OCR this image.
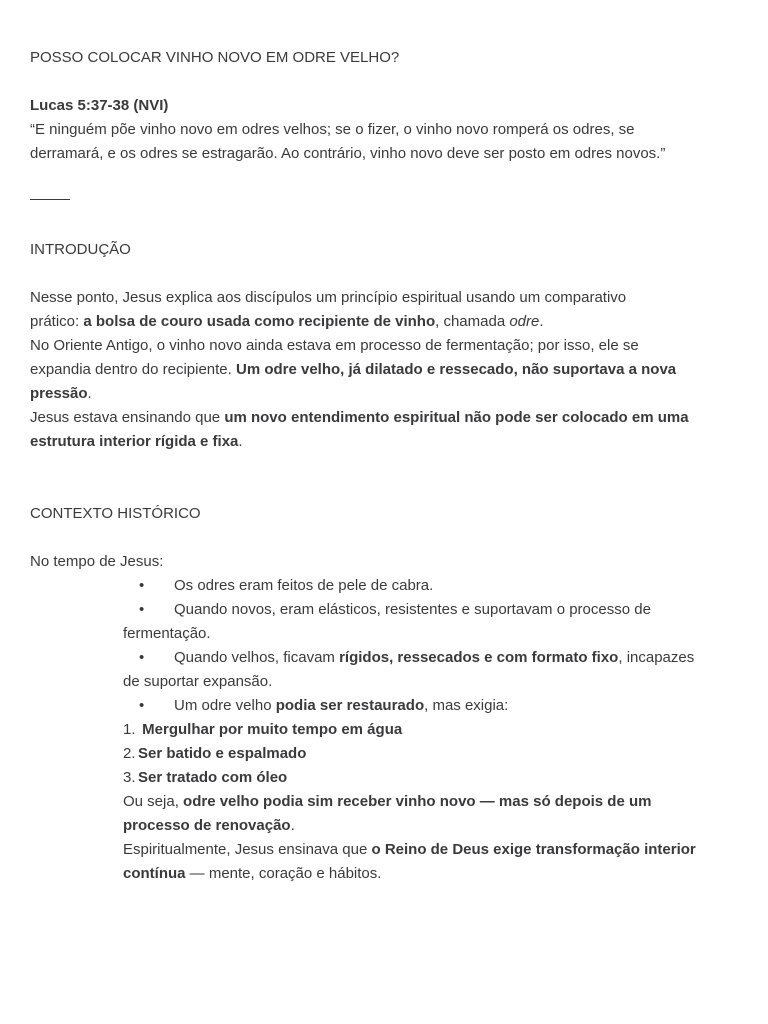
POSSO COLOCAR VINHO NOVO EM ODRE VELHO?
Lucas 5:37-38 (NVI)
“E ninguém põe vinho novo em odres velhos; se o fizer, o vinho novo romperá os odres, se
derramará, e os odres se estragarão. Ao contrário, vinho novo deve ser posto em odres novos.”
INTRODUÇÃO
Nesse ponto, Jesus explica aos discípulos um princípio espiritual usando um comparativo
prático: a bolsa de couro usada como recipiente de vinho, chamada odre.
No Oriente Antigo, o vinho novo ainda estava em processo de fermentação; por isso, ele se
expandia dentro do recipiente. Um odre velho, já dilatado e ressecado, não suportava a nova
pressão.
Jesus estava ensinando que um novo entendimento espiritual não pode ser colocado em uma
estrutura interior rígida e fixa.
CONTEXTO HISTÓRICO
No tempo de Jesus:
• Os odres eram feitos de pele de cabra.
• Quando novos, eram elásticos, resistentes e suportavam o processo de
fermentação.
• Quando velhos, ficavam rígidos, ressecados e com formato fixo, incapazes
de suportar expansão.
• Um odre velho podia ser restaurado, mas exigia:
1. Mergulhar por muito tempo em água
2. Ser batido e espalmado
3. Ser tratado com óleo
Ou seja, odre velho podia sim receber vinho novo — mas só depois de um
processo de renovação.
Espiritualmente, Jesus ensinava que o Reino de Deus exige transformação interior
contínua — mente, coração e hábitos.
